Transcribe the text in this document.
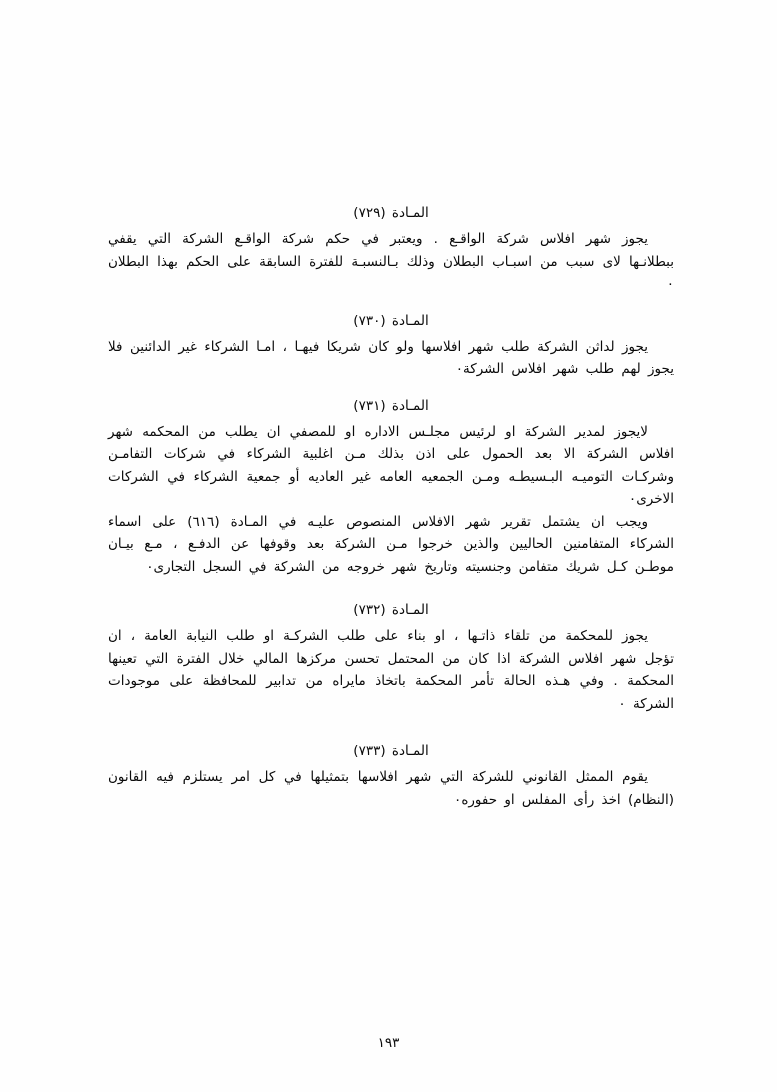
المـادة (٧٢٩)

يجوز شهر افلاس شركة الواقـع . ويعتبر في حكم شركة الواقـع الشركة التي يقفي ببطلانـها لاى سبب من اسبـاب البطلان وذلك بـالنسبـة للفترة السابقة على الحكم بهذا البطلان ٠

المـادة (٧٣٠)

يجوز لداثن الشركة طلب شهر افلاسها ولو كان شريكا فيهـا ، امـا الشركاء غير الدائنين فلا يجوز لهم طلب شهر افلاس الشركة٠

المـادة (٧٣١)

لايجوز لمدير الشركة او لرئيس مجلـس الاداره او للمصفي ان يطلب من المحكمه شهر افلاس الشركة الا بعد الحمول على اذن بذلك مـن اغلبية الشركاء في شركات التفامـن وشركـات التوميـه البـسيطـه ومـن الجمعيه العامه غير العاديه أو جمعية الشركاء في الشركات الاخرى٠

ويجب ان يشتمل تقرير شهر الافلاس المنصوص عليـه في المـادة (٦١٦) على اسماء الشركاء المتفامنين الحاليين والذين خرجوا مـن الشركة بعد وقوفها عن الدفـع ، مـع بيـان موطـن كـل شريك متفامن وجنسيته وتاريخ شهر خروجه من الشركة في السجل التجارى٠

المـادة (٧٣٢)

يجوز للمحكمة من تلقاء ذاتـها ، او بناء على طلب الشركـة او طلب النيابة العامة ، ان تؤجل شهر افلاس الشركة اذا كان من المحتمل تحسن مركزها المالي خلال الفترة التي تعينها المحكمة . وفي هـذه الحالة تأمر المحكمة باتخاذ مايراه من تدابير للمحافظة على موجودات الشركة ٠

المـادة (٧٣٣)

يقوم الممثل القانوني للشركة التي شهر افلاسها بتمثيلها في كل امر يستلزم فيه القانون (النظام) اخذ رأى المفلس او حفوره٠

١٩٣
